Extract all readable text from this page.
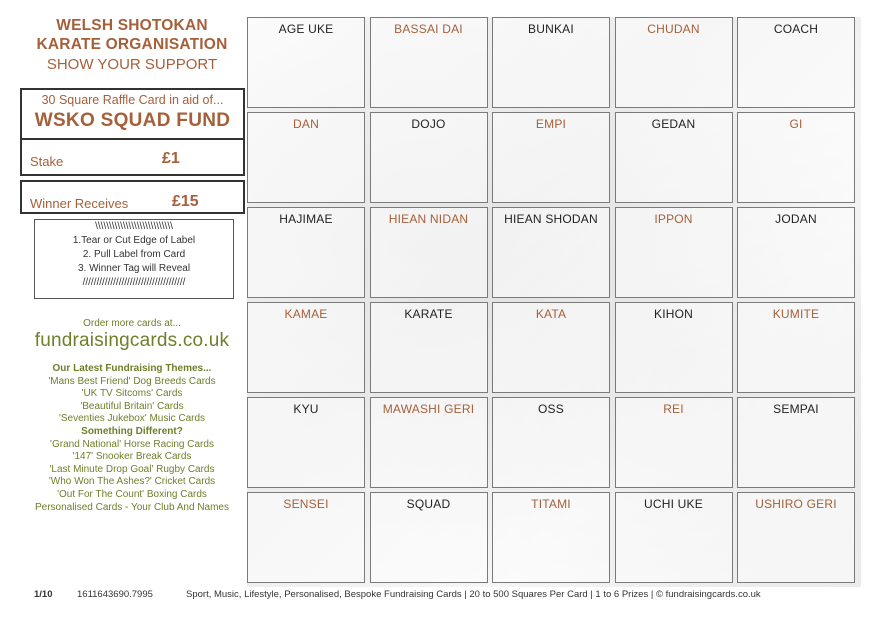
WELSH SHOTOKAN
KARATE ORGANISATION
SHOW YOUR SUPPORT
30 Square Raffle Card in aid of...
WSKO SQUAD FUND
Stake	£1
Winner Receives	£15
\\\\\\\\\\\\\\\\\\\\\\\\\\\\
1.Tear or Cut Edge of Label
2. Pull Label from Card
3. Winner Tag will Reveal
/////////////////////////////////////
Order more cards at...
fundraisingcards.co.uk
Our Latest Fundraising Themes...
'Mans Best Friend' Dog Breeds Cards
'UK TV Sitcoms' Cards
'Beautiful Britain' Cards
'Seventies Jukebox' Music Cards
Something Different?
'Grand National' Horse Racing Cards
'147' Snooker Break Cards
'Last Minute Drop Goal' Rugby Cards
'Who Won The Ashes?' Cricket Cards
'Out For The Count' Boxing Cards
Personalised Cards - Your Club And Names
AGE UKE	BASSAI DAI	BUNKAI	CHUDAN	COACH
DAN	DOJO	EMPI	GEDAN	GI
HAJIMAE	HIEAN NIDAN	HIEAN SHODAN	IPPON	JODAN
KAMAE	KARATE	KATA	KIHON	KUMITE
KYU	MAWASHI GERI	OSS	REI	SEMPAI
SENSEI	SQUAD	TITAMI	UCHI UKE	USHIRO GERI
1/10	1611643690.7995	Sport, Music, Lifestyle, Personalised, Bespoke Fundraising Cards | 20 to 500 Squares Per Card | 1 to 6 Prizes | © fundraisingcards.co.uk
